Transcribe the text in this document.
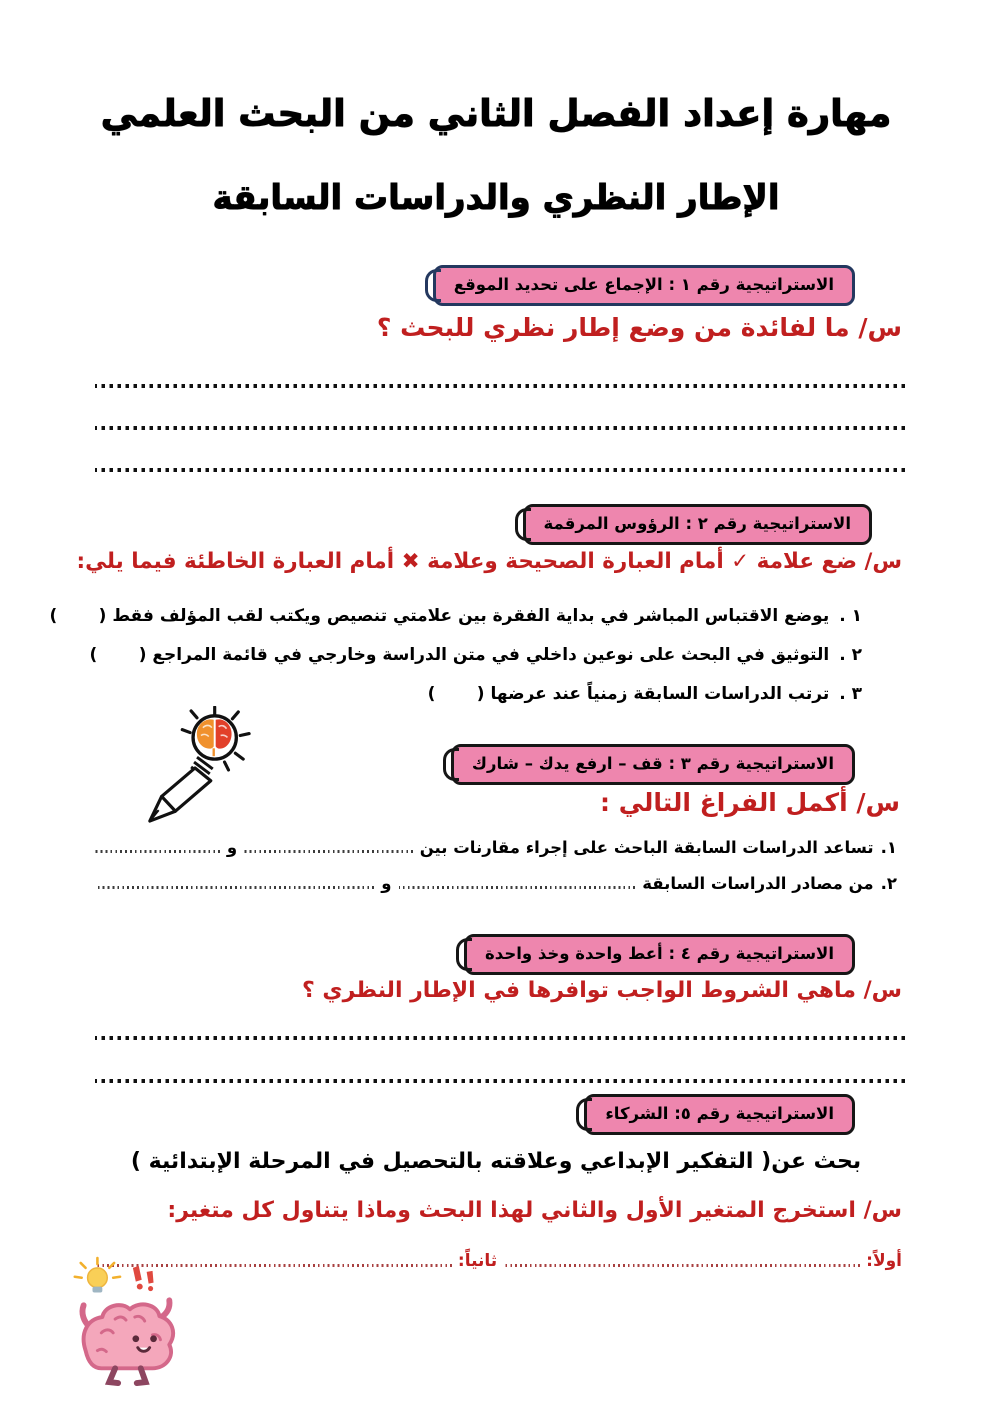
مهارة إعداد الفصل الثاني من البحث العلمي
الإطار النظري والدراسات السابقة
الاستراتيجية رقم ١ : الإجماع على تحديد الموقع
س/ ما لفائدة من وضع إطار نظري للبحث ؟
الاستراتيجية رقم ٢ : الرؤوس المرقمة
س/ ضع علامة ✓ أمام العبارة الصحيحة وعلامة ✖ أمام العبارة الخاطئة فيما يلي:
١ .يوضع الاقتباس المباشر في بداية الفقرة بين علامتي تنصيص ويكتب لقب المؤلف فقط (       )
٢ .التوثيق في البحث على نوعين داخلي في متن الدراسة وخارجي في قائمة المراجع (       )
٣ .ترتب الدراسات السابقة زمنياً عند عرضها (       )
الاستراتيجية رقم ٣ : قف – ارفع يدك – شارك
س/ أكمل الفراغ التالي :
١.
تساعد الدراسات السابقة الباحث على إجراء مقارنات بين
و
٢.
من مصادر الدراسات السابقة
و
الاستراتيجية رقم ٤ : أعط واحدة وخذ واحدة
س/ ماهي الشروط الواجب توافرها في الإطار النظري ؟
الاستراتيجية رقم ٥: الشركاء
بحث عن( التفكير الإبداعي وعلاقته بالتحصيل في المرحلة الإبتدائية )
س/ استخرج المتغير الأول والثاني لهذا البحث وماذا يتناول كل متغير:
أولاً:
ثانياً:
